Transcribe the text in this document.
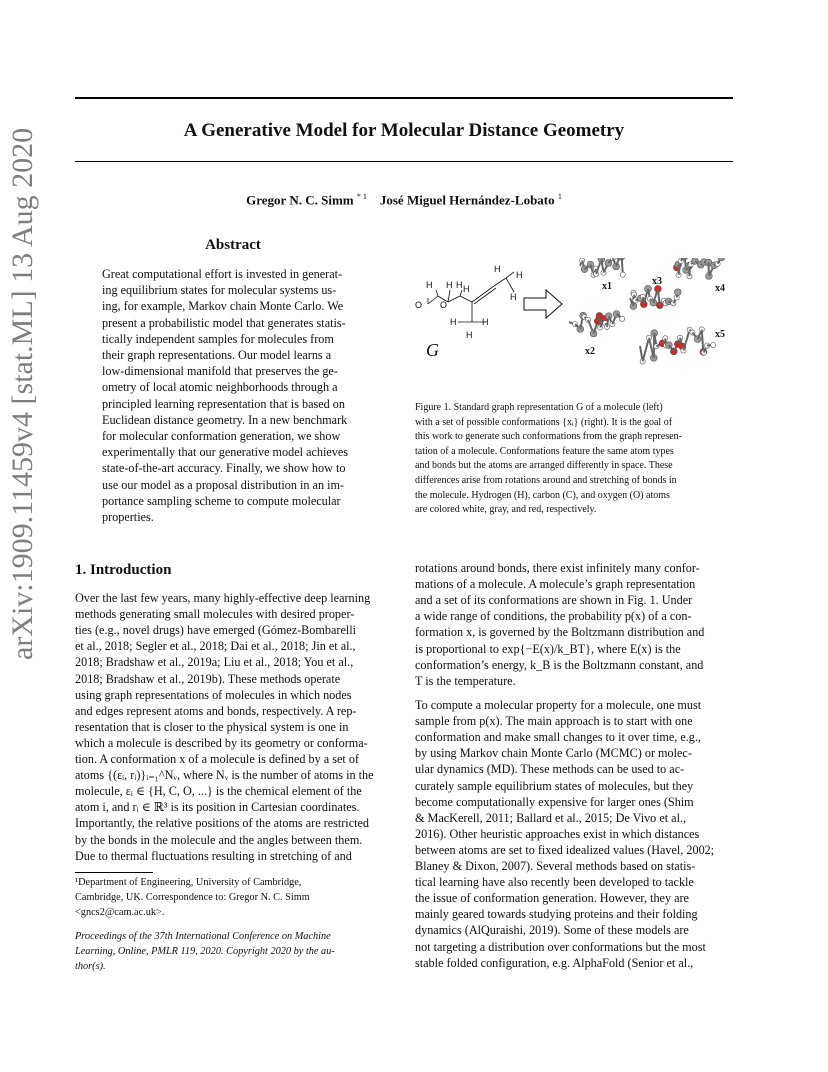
A Generative Model for Molecular Distance Geometry
Gregor N. C. Simm $^{* 1}$ José Miguel Hernández-Lobato $^1$
arXiv:1909.11459v4 [stat.ML] 13 Aug 2020	Abstract
Great computational effort is invested in generat-
ing equilibrium states for molecular systems us-
ing, for example, Markov chain Monte Carlo. We
present a probabilistic model that generates statis-
tically independent samples for molecules from
their graph representations. Our model learns a
low-dimensional manifold that preserves the ge-
ometry of local atomic neighborhoods through a
principled learning representation that is based on
Euclidean distance geometry. In a new benchmark
for molecular conformation generation, we show
experimentally that our generative model achieves
state-of-the-art accuracy. Finally, we show how to
use our model as a proposal distribution in an im-
portance sampling scheme to compute molecular
properties.
H H H H
H
H
O O
H
H	H
H
G
x1
x2
x3
x4
x5
Figure 1. Standard graph representation G of a molecule (left)
with a set of possible conformations {xᵢ} (right). It is the goal of
this work to generate such conformations from the graph represen-
tation of a molecule. Conformations feature the same atom types
and bonds but the atoms are arranged differently in space. These
differences arise from rotations around and stretching of bonds in
the molecule. Hydrogen (H), carbon (C), and oxygen (O) atoms
are colored white, gray, and red, respectively.
1. Introduction
Over the last few years, many highly-effective deep learning
methods generating small molecules with desired proper-
ties (e.g., novel drugs) have emerged (Gómez-Bombarelli
et al., 2018; Segler et al., 2018; Dai et al., 2018; Jin et al.,
2018; Bradshaw et al., 2019a; Liu et al., 2018; You et al.,
2018; Bradshaw et al., 2019b). These methods operate
using graph representations of molecules in which nodes
and edges represent atoms and bonds, respectively. A rep-
resentation that is closer to the physical system is one in
which a molecule is described by its geometry or conforma-
tion. A conformation x of a molecule is defined by a set of
atoms {(εᵢ, rᵢ)}ᵢ₌₁^Nᵥ, where Nᵥ is the number of atoms in the
molecule, εᵢ ∈ {H, C, O, ...} is the chemical element of the
atom i, and rᵢ ∈ ℝ³ is its position in Cartesian coordinates.
Importantly, the relative positions of the atoms are restricted
by the bonds in the molecule and the angles between them.
Due to thermal fluctuations resulting in stretching of and
rotations around bonds, there exist infinitely many confor-
mations of a molecule. A molecule’s graph representation
and a set of its conformations are shown in Fig. 1. Under
a wide range of conditions, the probability p(x) of a con-
formation x, is governed by the Boltzmann distribution and
is proportional to exp{−E(x)/k_BT}, where E(x) is the
conformation’s energy, k_B is the Boltzmann constant, and
T is the temperature.
To compute a molecular property for a molecule, one must
sample from p(x). The main approach is to start with one
conformation and make small changes to it over time, e.g.,
by using Markov chain Monte Carlo (MCMC) or molec-
ular dynamics (MD). These methods can be used to ac-
curately sample equilibrium states of molecules, but they
become computationally expensive for larger ones (Shim
& MacKerell, 2011; Ballard et al., 2015; De Vivo et al.,
2016). Other heuristic approaches exist in which distances
between atoms are set to fixed idealized values (Havel, 2002;
Blaney & Dixon, 2007). Several methods based on statis-
tical learning have also recently been developed to tackle
the issue of conformation generation. However, they are
mainly geared towards studying proteins and their folding
dynamics (AlQuraishi, 2019). Some of these models are
not targeting a distribution over conformations but the most
stable folded configuration, e.g. AlphaFold (Senior et al.,
¹Department of Engineering, University of Cambridge,
Cambridge, UK. Correspondence to: Gregor N. C. Simm
<gncs2@cam.ac.uk>.
Proceedings of the 37th International Conference on Machine
Learning, Online, PMLR 119, 2020. Copyright 2020 by the au-
thor(s).
